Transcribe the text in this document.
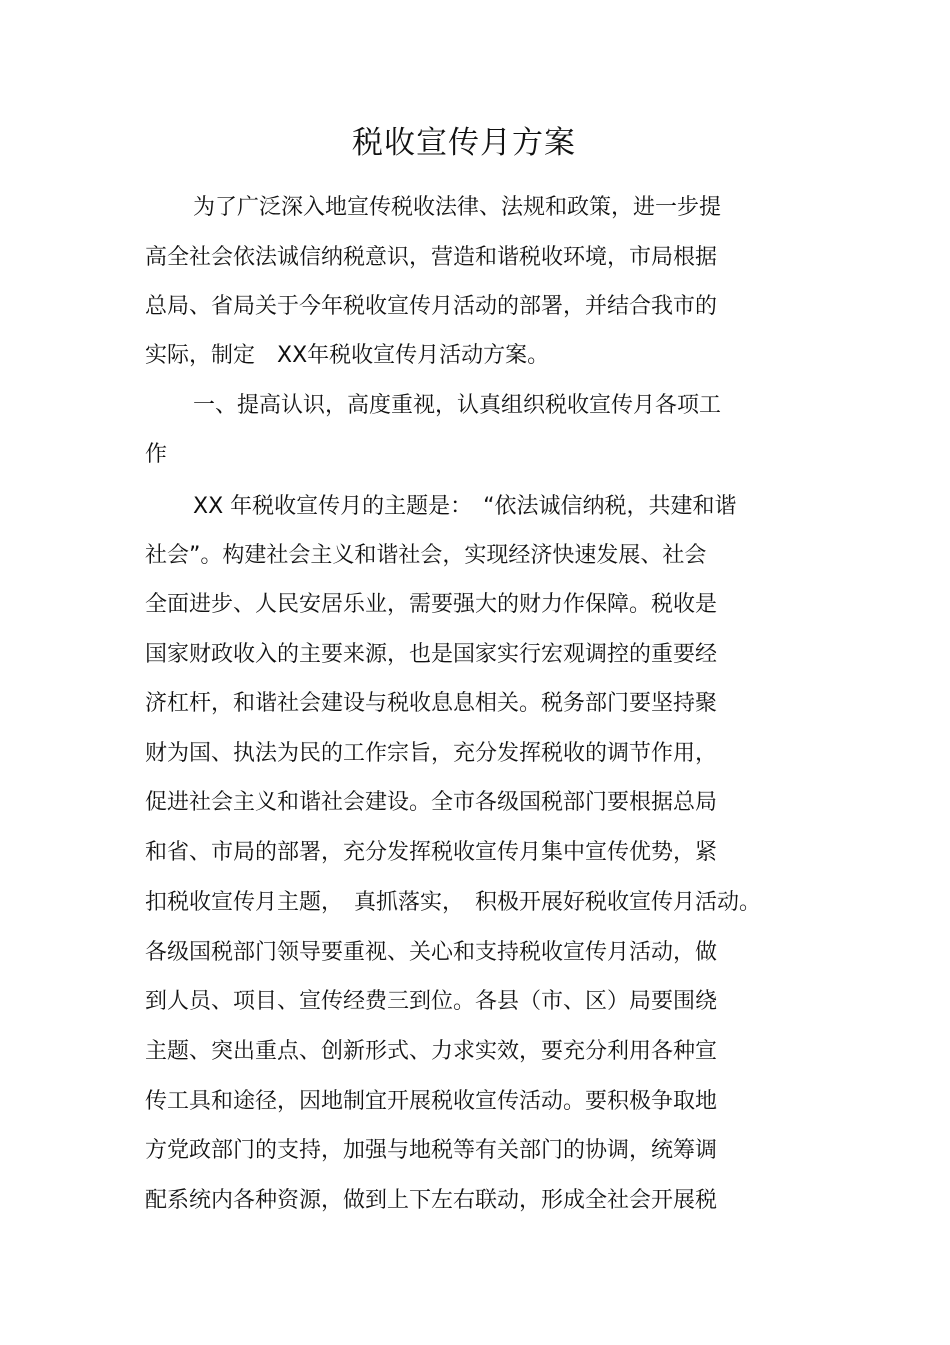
税收宣传月方案

为了广泛深入地宣传税收法律、法规和政策，进一步提

高全社会依法诚信纳税意识，营造和谐税收环境，市局根据

总局、省局关于今年税收宣传月活动的部署，并结合我市的

实际，制定　XX年税收宣传月活动方案。

一、提高认识，高度重视，认真组织税收宣传月各项工

作

XX 年税收宣传月的主题是：　“依法诚信纳税，共建和谐

社会”。构建社会主义和谐社会，实现经济快速发展、社会

全面进步、人民安居乐业，需要强大的财力作保障。税收是

国家财政收入的主要来源，也是国家实行宏观调控的重要经

济杠杆，和谐社会建设与税收息息相关。税务部门要坚持聚

财为国、执法为民的工作宗旨，充分发挥税收的调节作用，

促进社会主义和谐社会建设。全市各级国税部门要根据总局

和省、市局的部署，充分发挥税收宣传月集中宣传优势，紧

扣税收宣传月主题，　真抓落实，　积极开展好税收宣传月活动。

各级国税部门领导要重视、关心和支持税收宣传月活动，做

到人员、项目、宣传经费三到位。各县（市、区）局要围绕

主题、突出重点、创新形式、力求实效，要充分利用各种宣

传工具和途径，因地制宜开展税收宣传活动。要积极争取地

方党政部门的支持，加强与地税等有关部门的协调，统筹调

配系统内各种资源，做到上下左右联动，形成全社会开展税
